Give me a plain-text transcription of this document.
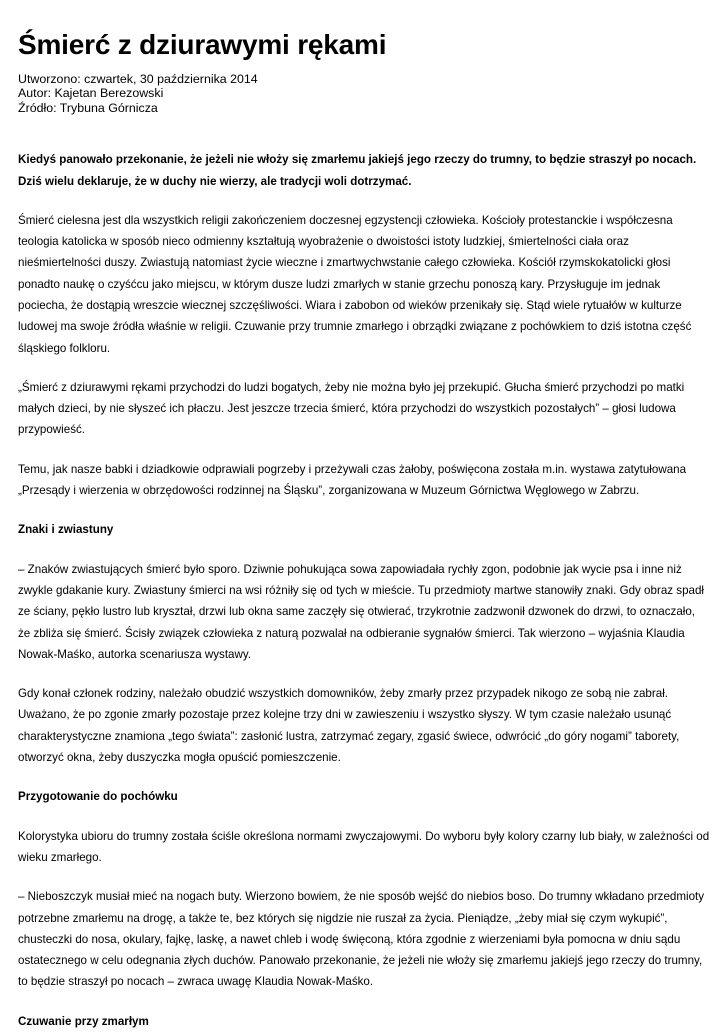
Śmierć z dziurawymi rękami
Utworzono: czwartek, 30 października 2014
Autor: Kajetan Berezowski
Źródło: Trybuna Górnicza

Kiedyś panowało przekonanie, że jeżeli nie włoży się zmarłemu jakiejś jego rzeczy do trumny, to będzie straszył po nocach. Dziś wielu deklaruje, że w duchy nie wierzy, ale tradycji woli dotrzymać.

Śmierć cielesna jest dla wszystkich religii zakończeniem doczesnej egzystencji człowieka. Kościoły protestanckie i współczesna teologia katolicka w sposób nieco odmienny kształtują wyobrażenie o dwoistości istoty ludzkiej, śmiertelności ciała oraz nieśmiertelności duszy. Zwiastują natomiast życie wieczne i zmartwychwstanie całego człowieka. Kościół rzymskokatolicki głosi ponadto naukę o czyśćcu jako miejscu, w którym dusze ludzi zmarłych w stanie grzechu ponoszą kary. Przysługuje im jednak pociecha, że dostąpią wreszcie wiecznej szczęśliwości. Wiara i zabobon od wieków przenikały się. Stąd wiele rytuałów w kulturze ludowej ma swoje źródła właśnie w religii. Czuwanie przy trumnie zmarłego i obrządki związane z pochówkiem to dziś istotna część śląskiego folkloru.

„Śmierć z dziurawymi rękami przychodzi do ludzi bogatych, żeby nie można było jej przekupić. Głucha śmierć przychodzi po matki małych dzieci, by nie słyszeć ich płaczu. Jest jeszcze trzecia śmierć, która przychodzi do wszystkich pozostałych” – głosi ludowa przypowieść.

Temu, jak nasze babki i dziadkowie odprawiali pogrzeby i przeżywali czas żałoby, poświęcona została m.in. wystawa zatytułowana „Przesądy i wierzenia w obrzędowości rodzinnej na Śląsku”, zorganizowana w Muzeum Górnictwa Węglowego w Zabrzu.

Znaki i zwiastuny

– Znaków zwiastujących śmierć było sporo. Dziwnie pohukująca sowa zapowiadała rychły zgon, podobnie jak wycie psa i inne niż zwykle gdakanie kury. Zwiastuny śmierci na wsi różniły się od tych w mieście. Tu przedmioty martwe stanowiły znaki. Gdy obraz spadł ze ściany, pękło lustro lub kryształ, drzwi lub okna same zaczęły się otwierać, trzykrotnie zadzwonił dzwonek do drzwi, to oznaczało, że zbliża się śmierć. Ścisły związek człowieka z naturą pozwalał na odbieranie sygnałów śmierci. Tak wierzono – wyjaśnia Klaudia Nowak-Maśko, autorka scenariusza wystawy.

Gdy konał członek rodziny, należało obudzić wszystkich domowników, żeby zmarły przez przypadek nikogo ze sobą nie zabrał. Uważano, że po zgonie zmarły pozostaje przez kolejne trzy dni w zawieszeniu i wszystko słyszy. W tym czasie należało usunąć charakterystyczne znamiona „tego świata”: zasłonić lustra, zatrzymać zegary, zgasić świece, odwrócić „do góry nogami” taborety, otworzyć okna, żeby duszyczka mogła opuścić pomieszczenie.

Przygotowanie do pochówku

Kolorystyka ubioru do trumny została ściśle określona normami zwyczajowymi. Do wyboru były kolory czarny lub biały, w zależności od wieku zmarłego.

– Nieboszczyk musiał mieć na nogach buty. Wierzono bowiem, że nie sposób wejść do niebios boso. Do trumny wkładano przedmioty potrzebne zmarłemu na drogę, a także te, bez których się nigdzie nie ruszał za życia. Pieniądze, „żeby miał się czym wykupić”, chusteczki do nosa, okulary, fajkę, laskę, a nawet chleb i wodę święconą, która zgodnie z wierzeniami była pomocna w dniu sądu ostatecznego w celu odegnania złych duchów. Panowało przekonanie, że jeżeli nie włoży się zmarłemu jakiejś jego rzeczy do trumny, to będzie straszył po nocach – zwraca uwagę Klaudia Nowak-Maśko.

Czuwanie przy zmarłym
